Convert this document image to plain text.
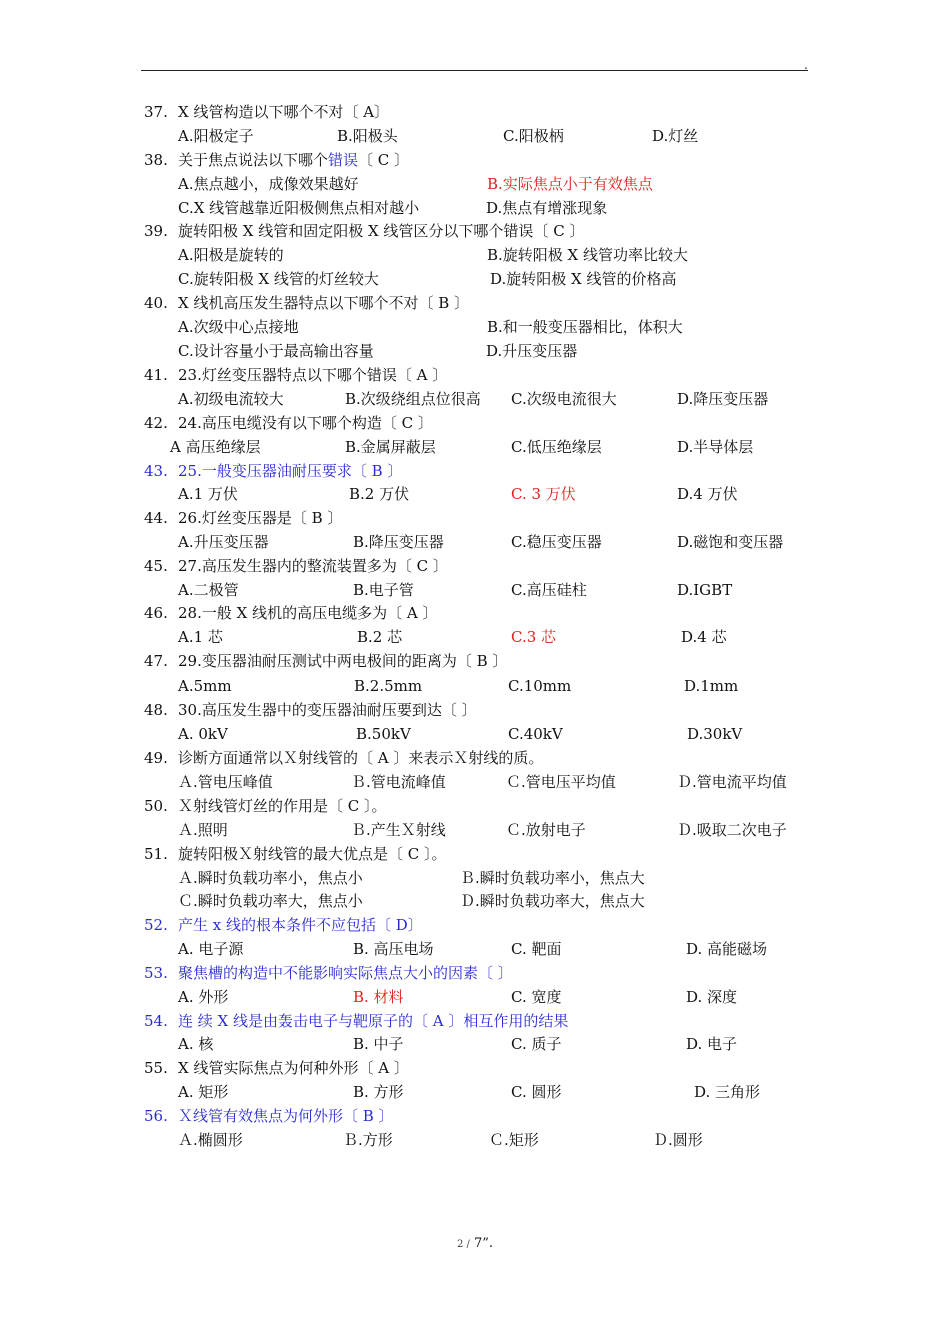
.
37. X 线管构造以下哪个不对〔 A〕
A.阳极定子	B.阳极头	C.阳极柄	D.灯丝
38. 关于焦点说法以下哪个错误〔 C 〕
A.焦点越小，成像效果越好	B.实际焦点小于有效焦点
C.X 线管越靠近阳极侧焦点相对越小	D.焦点有增涨现象
39. 旋转阳极 X 线管和固定阳极 X 线管区分以下哪个错误〔 C 〕
A.阳极是旋转的	B.旋转阳极 X 线管功率比较大
C.旋转阳极 X 线管的灯丝较大	D.旋转阳极 X 线管的价格高
40. X 线机高压发生器特点以下哪个不对〔 B 〕
A.次级中心点接地	B.和一般变压器相比，体积大
C.设计容量小于最高输出容量	D.升压变压器
41. 23.灯丝变压器特点以下哪个错误〔 A 〕
A.初级电流较大	B.次级绕组点位很高 C.次级电流很大	D.降压变压器
42. 24.高压电缆没有以下哪个构造〔 C 〕
A 高压绝缘层	B.金属屏蔽层	C.低压绝缘层	D.半导体层
43. 25.一般变压器油耐压要求〔 B 〕
A.1 万伏	B.2 万伏	C. 3 万伏	D.4 万伏
44. 26.灯丝变压器是〔 B 〕
A.升压变压器	B.降压变压器	C.稳压变压器	D.磁饱和变压器
45. 27.高压发生器内的整流装置多为〔 C 〕
A.二极管	B.电子管	C.高压硅柱	D.IGBT
46. 28.一般 X 线机的高压电缆多为〔 A 〕
A.1 芯	B.2 芯	C.3 芯	D.4 芯
47. 29.变压器油耐压测试中两电极间的距离为〔 B 〕
A.5mm	B.2.5mm	C.10mm	D.1mm
48. 30.高压发生器中的变压器油耐压要到达〔 〕
A. 0kV	B.50kV	C.40kV	D.30kV
49. 诊断方面通常以Ｘ射线管的〔 A 〕来表示Ｘ射线的质。
Ａ.管电压峰值	Ｂ.管电流峰值	Ｃ.管电压平均值	Ｄ.管电流平均值
50. Ｘ射线管灯丝的作用是〔 C 〕。
Ａ.照明	Ｂ.产生Ｘ射线	Ｃ.放射电子	Ｄ.吸取二次电子
51. 旋转阳极Ｘ射线管的最大优点是〔 C 〕。
Ａ.瞬时负载功率小，焦点小	Ｂ.瞬时负载功率小，焦点大
Ｃ.瞬时负载功率大，焦点小	Ｄ.瞬时负载功率大，焦点大
52. 产生 x 线的根本条件不应包括〔 D〕
A. 电子源	B. 高压电场	C. 靶面	D. 高能磁场
53. 聚焦槽的构造中不能影响实际焦点大小的因素〔 〕
A. 外形	B. 材料	C. 宽度	D. 深度
54. 连 续 X 线是由轰击电子与靶原子的〔 A 〕相互作用的结果
A. 核	B. 中子	C. 质子	D. 电子
55. X 线管实际焦点为何种外形〔 A 〕
A. 矩形	B. 方形	C. 圆形	D. 三角形
56. Ｘ线管有效焦点为何外形〔 B 〕
Ａ.椭圆形	Ｂ.方形	Ｃ.矩形	Ｄ.圆形
2 / 7”.
